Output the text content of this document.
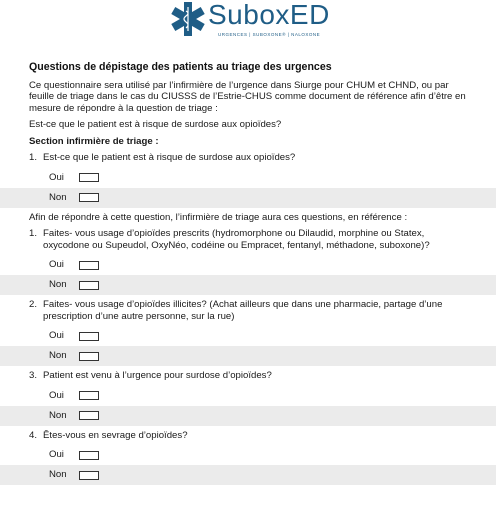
SuboxED
URGENCES | SUBOXONE® | NALOXONE
Questions de dépistage des patients au triage des urgences
Ce questionnaire sera utilisé par l’infirmière de l’urgence dans Siurge pour CHUM et CHND, ou par feuille de triage dans le cas du CIUSSS de l’Estrie-CHUS comme document de référence afin d’être en mesure de répondre à la question de triage :
Est-ce que le patient est à risque de surdose aux opioïdes?
Section infirmière de triage :
1. Est-ce que le patient est à risque de surdose aux opioïdes?
Oui
Non
Afin de répondre à cette question, l’infirmière de triage aura ces questions, en référence :
1. Faites- vous usage d’opioïdes prescrits (hydromorphone ou Dilaudid, morphine ou Statex, oxycodone ou Supeudol, OxyNéo, codéine ou Empracet, fentanyl, méthadone, suboxone)?
Oui
Non
2. Faites- vous usage d’opioïdes illicites? (Achat ailleurs que dans une pharmacie, partage d’une prescription d’une autre personne, sur la rue)
Oui
Non
3. Patient est venu à l’urgence pour surdose d’opioïdes?
Oui
Non
4. Êtes-vous en sevrage d’opioïdes?
Oui
Non
